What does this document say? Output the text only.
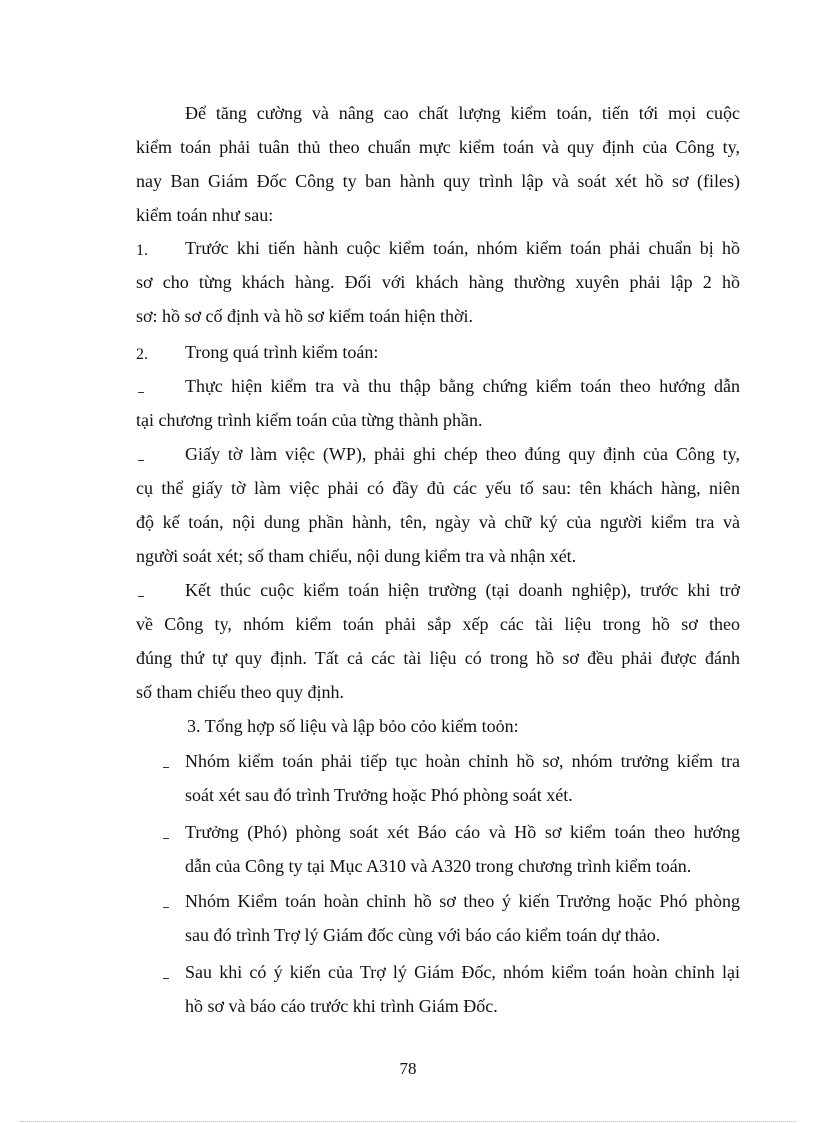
Để tăng cường và nâng cao chất lượng kiểm toán, tiến tới mọi cuộc
kiểm toán phải tuân thủ theo chuẩn mực kiểm toán và quy định của Công ty,
nay Ban Giám Đốc Công ty ban hành quy trình lập và soát xét hồ sơ (files)
kiểm toán như sau:
1. Trước khi tiến hành cuộc kiểm toán, nhóm kiểm toán phải chuẩn bị hồ
sơ cho từng khách hàng. Đối với khách hàng thường xuyên phải lập 2 hồ
sơ: hồ sơ cố định và hồ sơ kiểm toán hiện thời.
2. Trong quá trình kiểm toán:
Thực hiện kiểm tra và thu thập bằng chứng kiểm toán theo hướng dẫn
tại chương trình kiểm toán của từng thành phần.
Giấy tờ làm việc (WP), phải ghi chép theo đúng quy định của Công ty,
cụ thể giấy tờ làm việc phải có đầy đủ các yếu tố sau: tên khách hàng, niên
độ kế toán, nội dung phần hành, tên, ngày và chữ ký của người kiểm tra và
người soát xét; số tham chiếu, nội dung kiểm tra và nhận xét.
Kết thúc cuộc kiểm toán hiện trường (tại doanh nghiệp), trước khi trở
về Công ty, nhóm kiểm toán phải sắp xếp các tài liệu trong hồ sơ theo
đúng thứ tự quy định. Tất cả các tài liệu có trong hồ sơ đều phải được đánh
số tham chiếu theo quy định.
3. Tổng hợp số liệu và lập bỏo cỏo kiểm toỏn:
Nhóm kiểm toán phải tiếp tục hoàn chỉnh hồ sơ, nhóm trưởng kiểm tra
soát xét sau đó trình Trưởng hoặc Phó phòng soát xét.
Trưởng (Phó) phòng soát xét Báo cáo và Hồ sơ kiểm toán theo hướng
dẫn của Công ty tại Mục A310 và A320 trong chương trình kiểm toán.
Nhóm Kiểm toán hoàn chỉnh hồ sơ theo ý kiến Trưởng hoặc Phó phòng
sau đó trình Trợ lý Giám đốc cùng với báo cáo kiểm toán dự thảo.
Sau khi có ý kiến của Trợ lý Giám Đốc, nhóm kiểm toán hoàn chỉnh lại
hồ sơ và báo cáo trước khi trình Giám Đốc.
78
